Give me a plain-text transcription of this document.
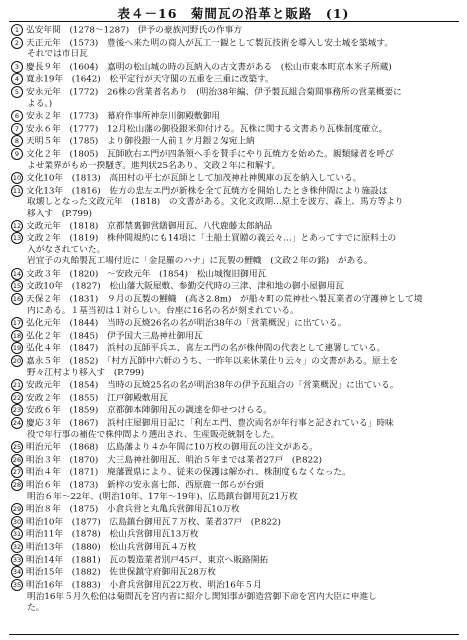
表４－16　菊間瓦の沿革と販路　(1)
1 弘安年間　(1278～1287)　伊予の豪族河野氏の作事方
2 天正元年　(1573)　豊後へ来た明の商人が瓦工一観として製瓦技術を導入し安土城を築城す。
それでは市日瓦
3 慶長９年　(1604)　嘉明の松山城の時の瓦納入の古文書がある　(松山市東本町京本米子所蔵)
4 寛永19年　(1642)　松平定行が天守閣の五重を三重に改築す。
5 安永元年　(1772)　26株の営業者名あり　(明治38年編、伊予製瓦組合菊間事務所の営業概要に
よる。)
6 安永２年　(1773)　幕府作事所神奈川御殿敷御用
7 安永６年　(1777)　12月松山藩の御役銀米仰付ける。瓦株に関する文書あり瓦株制度確立。
8 天明５年　(1785)　より御役銀一人前１ケ月銀２匁宛上納
9 文化２年　(1805)　瓦師欧右エ門が四条領へ手を賛手にやり瓦焼方を始めた。親類縁者を呼び
よせ業界がもめ一揆騒ぎ。進判状25名あり、文政２年に和解す。
10 文化10年　(1813)　高田村の平七が瓦師として加茂神社神興庫の瓦を納入している。
11 文化13年　(1816)　佐方の忠左エ門が新株を全て瓦焼方を開始したとき株仲間により施設は
取壊しとなった文政元年　(1818)　の文書がある。文化文政期…原土を波方、森上、馬方等より
移入す　(P.799)
12 文政元年　(1818)　京都禁裏御営繕御用瓦、八代鹿藤太郎納品
13 文政２年　(1819)　株仲間規約にも14項に「土船土買贈の義云々…」とあってすでに原料土の
入がなされていた。
岩宜子の丸飴製瓦工場付近に「金昆羅のハナ」に瓦製の鯉幟　(文政２年の銘)　がある。
14 文政３年　(1820)　～安政元年　(1854)　松山城復旧御用瓦
15 文政10年　(1827)　松山藩大阪屋敷、参勤交代時の三津、津和地の御小屋御用瓦
16 天保２年　(1831)　９月の瓦製の鯉幟　(高さ2.8m)　が船々町の荒神社へ製瓦業者の守護神として境
内にある。１基当初は１対らしい。台座に16名の名が刻まれている。
17 弘化元年　(1844)　当時の瓦焼26名の名が明治38年の「営業概況」に出ている。
18 弘化２年　(1845)　伊予国大三島神社御用瓦
19 弘化４年　(1847)　浜村の瓦師平兵エ、喜左エ門の名が株仲間の代表として連署している。
20 嘉永５年　(1852)　「村方瓦師中六軒のうち、一昨年以来休業仕り云々」の文書がある。原土を
野々江村より移入す　(P.799)
21 安政元年　(1854)　当時の瓦焼25名の名が明治38年の伊予瓦組合の「営業概況」に出ている。
22 安政２年　(1855)　江戸御殿敷用瓦
23 安政６年　(1859)　京都御本陣御用瓦の調達を仰せつけらる。
24 慶応３年　(1867)　浜村庄屋御用日記に「利左エ門、豊次両名が年行事と記されている」時味
役で年行事の補佐で株仲間より選出され、生産販売統制をした。
25 明治元年　(1868)　広島藩より４か年間に10万枚の御用瓦の注文がある。
26 明治３年　(1870)　大三島神社御用瓦、明治５年までは業者27戸　(P.822)
27 明治４年　(1871)　廃藩置県により、従来の保護は解かれ、株制度もなくなった。
28 明治６年　(1873)　新梓の安永喜七郎、西原鹿一郎らが台頭
明治６年～22年、(明治10年、17年～19年)、広島鎮台御用瓦21万枚
29 明治８年　(1875)　小倉兵営と丸亀兵営御用瓦10万枚
30 明治10年　(1877)　広島鎮台御用瓦７万枚、業者37戸　(P.822)
31 明治11年　(1878)　松山兵営御用瓦13万枚
32 明治13年　(1880)　松山兵営御用瓦４万枚
33 明治14年　(1881)　瓦の製造業者別戸45戸、東京へ販路開拓
34 明治15年　(1882)　佐世保鎮守府御用瓦28万枚
35 明治16年　(1883)　小倉兵営御用瓦22万枚、明治16年５月
明治16年５月久松伯は菊間瓦を宮内省に紹介し関知事が御造営御下命を宮内大臣に申進し
た。
